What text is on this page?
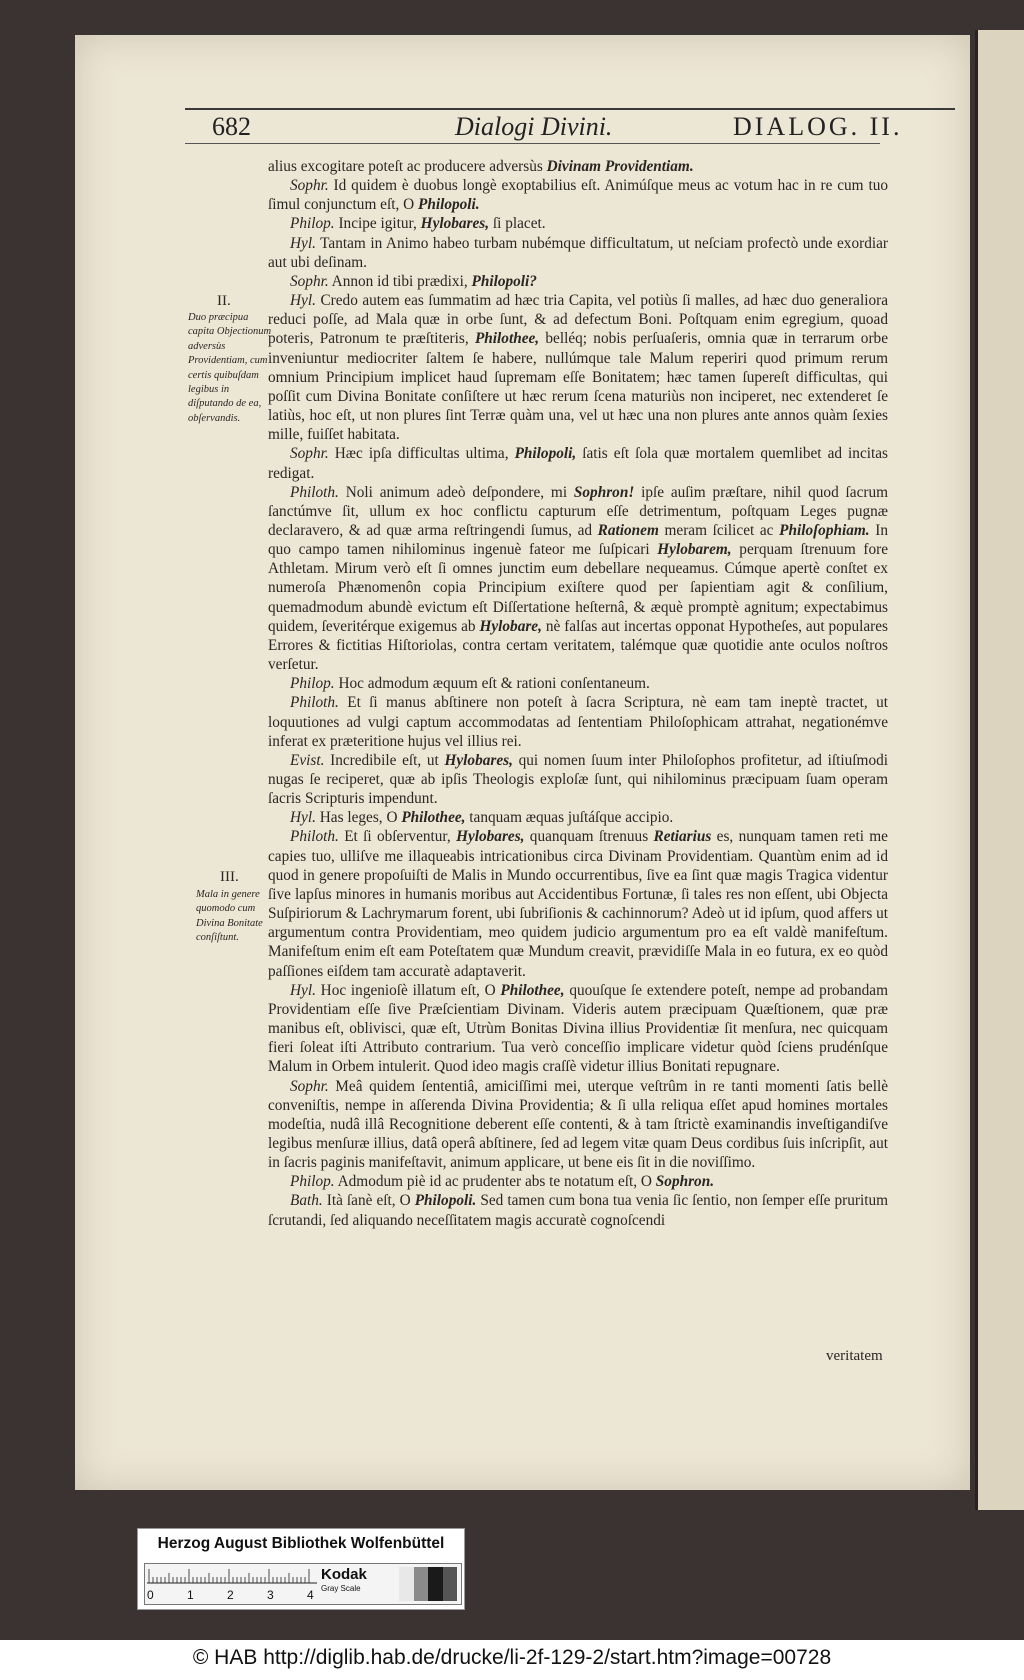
682	Dialogi Divini.	DIALOG. II.

alius excogitare poteſt ac producere adversùs Divinam Providentiam.

Sophr. Id quidem è duobus longè exoptabilius eſt. Animúſque meus ac votum hac in re cum tuo ſimul conjunctum eſt, O Philopoli.

Philop. Incipe igitur, Hylobares, ſi placet.

Hyl. Tantam in Animo habeo turbam nubémque difficultatum, ut neſciam profectò unde exordiar aut ubi deſinam.

Sophr. Annon id tibi prædixi, Philopoli?

Hyl. Credo autem eas ſummatim ad hæc tria Capita, vel potiùs ſi malles, ad hæc duo generaliora reduci poſſe, ad Mala quæ in orbe ſunt, & ad defectum Boni. Poſtquam enim egregium, quoad poteris, Patronum te præſtiteris, Philothee, belléq; nobis perſuaſeris, omnia quæ in terrarum orbe inveniuntur mediocriter ſaltem ſe habere, nullúmque tale Malum reperiri quod primum rerum omnium Principium implicet haud ſupremam eſſe Bonitatem; hæc tamen ſupereſt difficultas, qui poſſit cum Divina Bonitate conſiſtere ut hæc rerum ſcena maturiùs non inciperet, nec extenderet ſe latiùs, hoc eſt, ut non plures ſint Terræ quàm una, vel ut hæc una non plures ante annos quàm ſexies mille, fuiſſet habitata.

Sophr. Hæc ipſa difficultas ultima, Philopoli, ſatis eſt ſola quæ mortalem quemlibet ad incitas redigat.

Philoth. Noli animum adeò deſpondere, mi Sophron! ipſe auſim præſtare, nihil quod ſacrum ſanctúmve ſit, ullum ex hoc conflictu capturum eſſe detrimentum, poſtquam Leges pugnæ declaravero, & ad quæ arma reſtringendi ſumus, ad Rationem meram ſcilicet ac Philoſophiam. In quo campo tamen nihilominus ingenuè fateor me ſuſpicari Hylobarem, perquam ſtrenuum fore Athletam. Mirum verò eſt ſi omnes junctim eum debellare nequeamus. Cúmque apertè conſtet ex numeroſa Phænomenôn copia Principium exiſtere quod per ſapientiam agit & conſilium, quemadmodum abundè evictum eſt Diſſertatione heſternâ, & æquè promptè agnitum; expectabimus quidem, ſeveritérque exigemus ab Hylobare, nè falſas aut incertas opponat Hypotheſes, aut populares Errores & fictitias Hiſtoriolas, contra certam veritatem, talémque quæ quotidie ante oculos noſtros verſetur.

Philop. Hoc admodum æquum eſt & rationi conſentaneum.

Philoth. Et ſi manus abſtinere non poteſt à ſacra Scriptura, nè eam tam ineptè tractet, ut loquutiones ad vulgi captum accommodatas ad ſententiam Philoſophicam attrahat, negationémve inferat ex præteritione hujus vel illius rei.

Evist. Incredibile eſt, ut Hylobares, qui nomen ſuum inter Philoſophos profitetur, ad iſtiuſmodi nugas ſe reciperet, quæ ab ipſis Theologis exploſæ ſunt, qui nihilominus præcipuam ſuam operam ſacris Scripturis impendunt.

Hyl. Has leges, O Philothee, tanquam æquas juſtáſque accipio.

Philoth. Et ſi obſerventur, Hylobares, quanquam ſtrenuus Retiarius es, nunquam tamen reti me capies tuo, ulliſve me illaqueabis intricationibus circa Divinam Providentiam. Quantùm enim ad id quod in genere propoſuiſti de Malis in Mundo occurrentibus, ſive ea ſint quæ magis Tragica videntur ſive lapſus minores in humanis moribus aut Accidentibus Fortunæ, ſi tales res non eſſent, ubi Objecta Suſpiriorum & Lachrymarum forent, ubi ſubriſionis & cachinnorum? Adeò ut id ipſum, quod affers ut argumentum contra Providentiam, meo quidem judicio argumentum pro ea eſt valdè manifeſtum. Manifeſtum enim eſt eam Poteſtatem quæ Mundum creavit, prævidiſſe Mala in eo futura, ex eo quòd paſſiones eiſdem tam accuratè adaptaverit.

Hyl. Hoc ingenioſè illatum eſt, O Philothee, quouſque ſe extendere poteſt, nempe ad probandam Providentiam eſſe ſive Præſcientiam Divinam. Videris autem præcipuam Quæſtionem, quæ præ manibus eſt, oblivisci, quæ eſt, Utrùm Bonitas Divina illius Providentiæ ſit menſura, nec quicquam fieri ſoleat iſti Attributo contrarium. Tua verò conceſſio implicare videtur quòd ſciens prudénſque Malum in Orbem intulerit. Quod ideo magis craſſè videtur illius Bonitati repugnare.

Sophr. Meâ quidem ſententiâ, amiciſſimi mei, uterque veſtrûm in re tanti momenti ſatis bellè conveniſtis, nempe in aſſerenda Divina Providentia; & ſi ulla reliqua eſſet apud homines mortales modeſtia, nudâ illâ Recognitione deberent eſſe contenti, & à tam ſtrictè examinandis inveſtigandiſve legibus menſuræ illius, datâ operâ abſtinere, ſed ad legem vitæ quam Deus cordibus ſuis inſcripſit, aut in ſacris paginis manifeſtavit, animum applicare, ut bene eis ſit in die noviſſimo.

Philop. Admodum piè id ac prudenter abs te notatum eſt, O Sophron.

Bath. Ità ſanè eſt, O Philopoli. Sed tamen cum bona tua venia ſic ſentio, non ſemper eſſe pruritum ſcrutandi, ſed aliquando neceſſitatem magis accuratè cognoſcendi

II.
Duo præcipua capita Objectionum adversùs Providentiam, cum certis quibuſdam legibus in diſputando de ea, obſervandis.
III.
Mala in genere quomodo cum Divina Bonitate conſiſtunt.
veritatem
Herzog August Bibliothek Wolfenbüttel
0	1	2	3	4
Kodak
Gray Scale
© HAB http://diglib.hab.de/drucke/li-2f-129-2/start.htm?image=00728
